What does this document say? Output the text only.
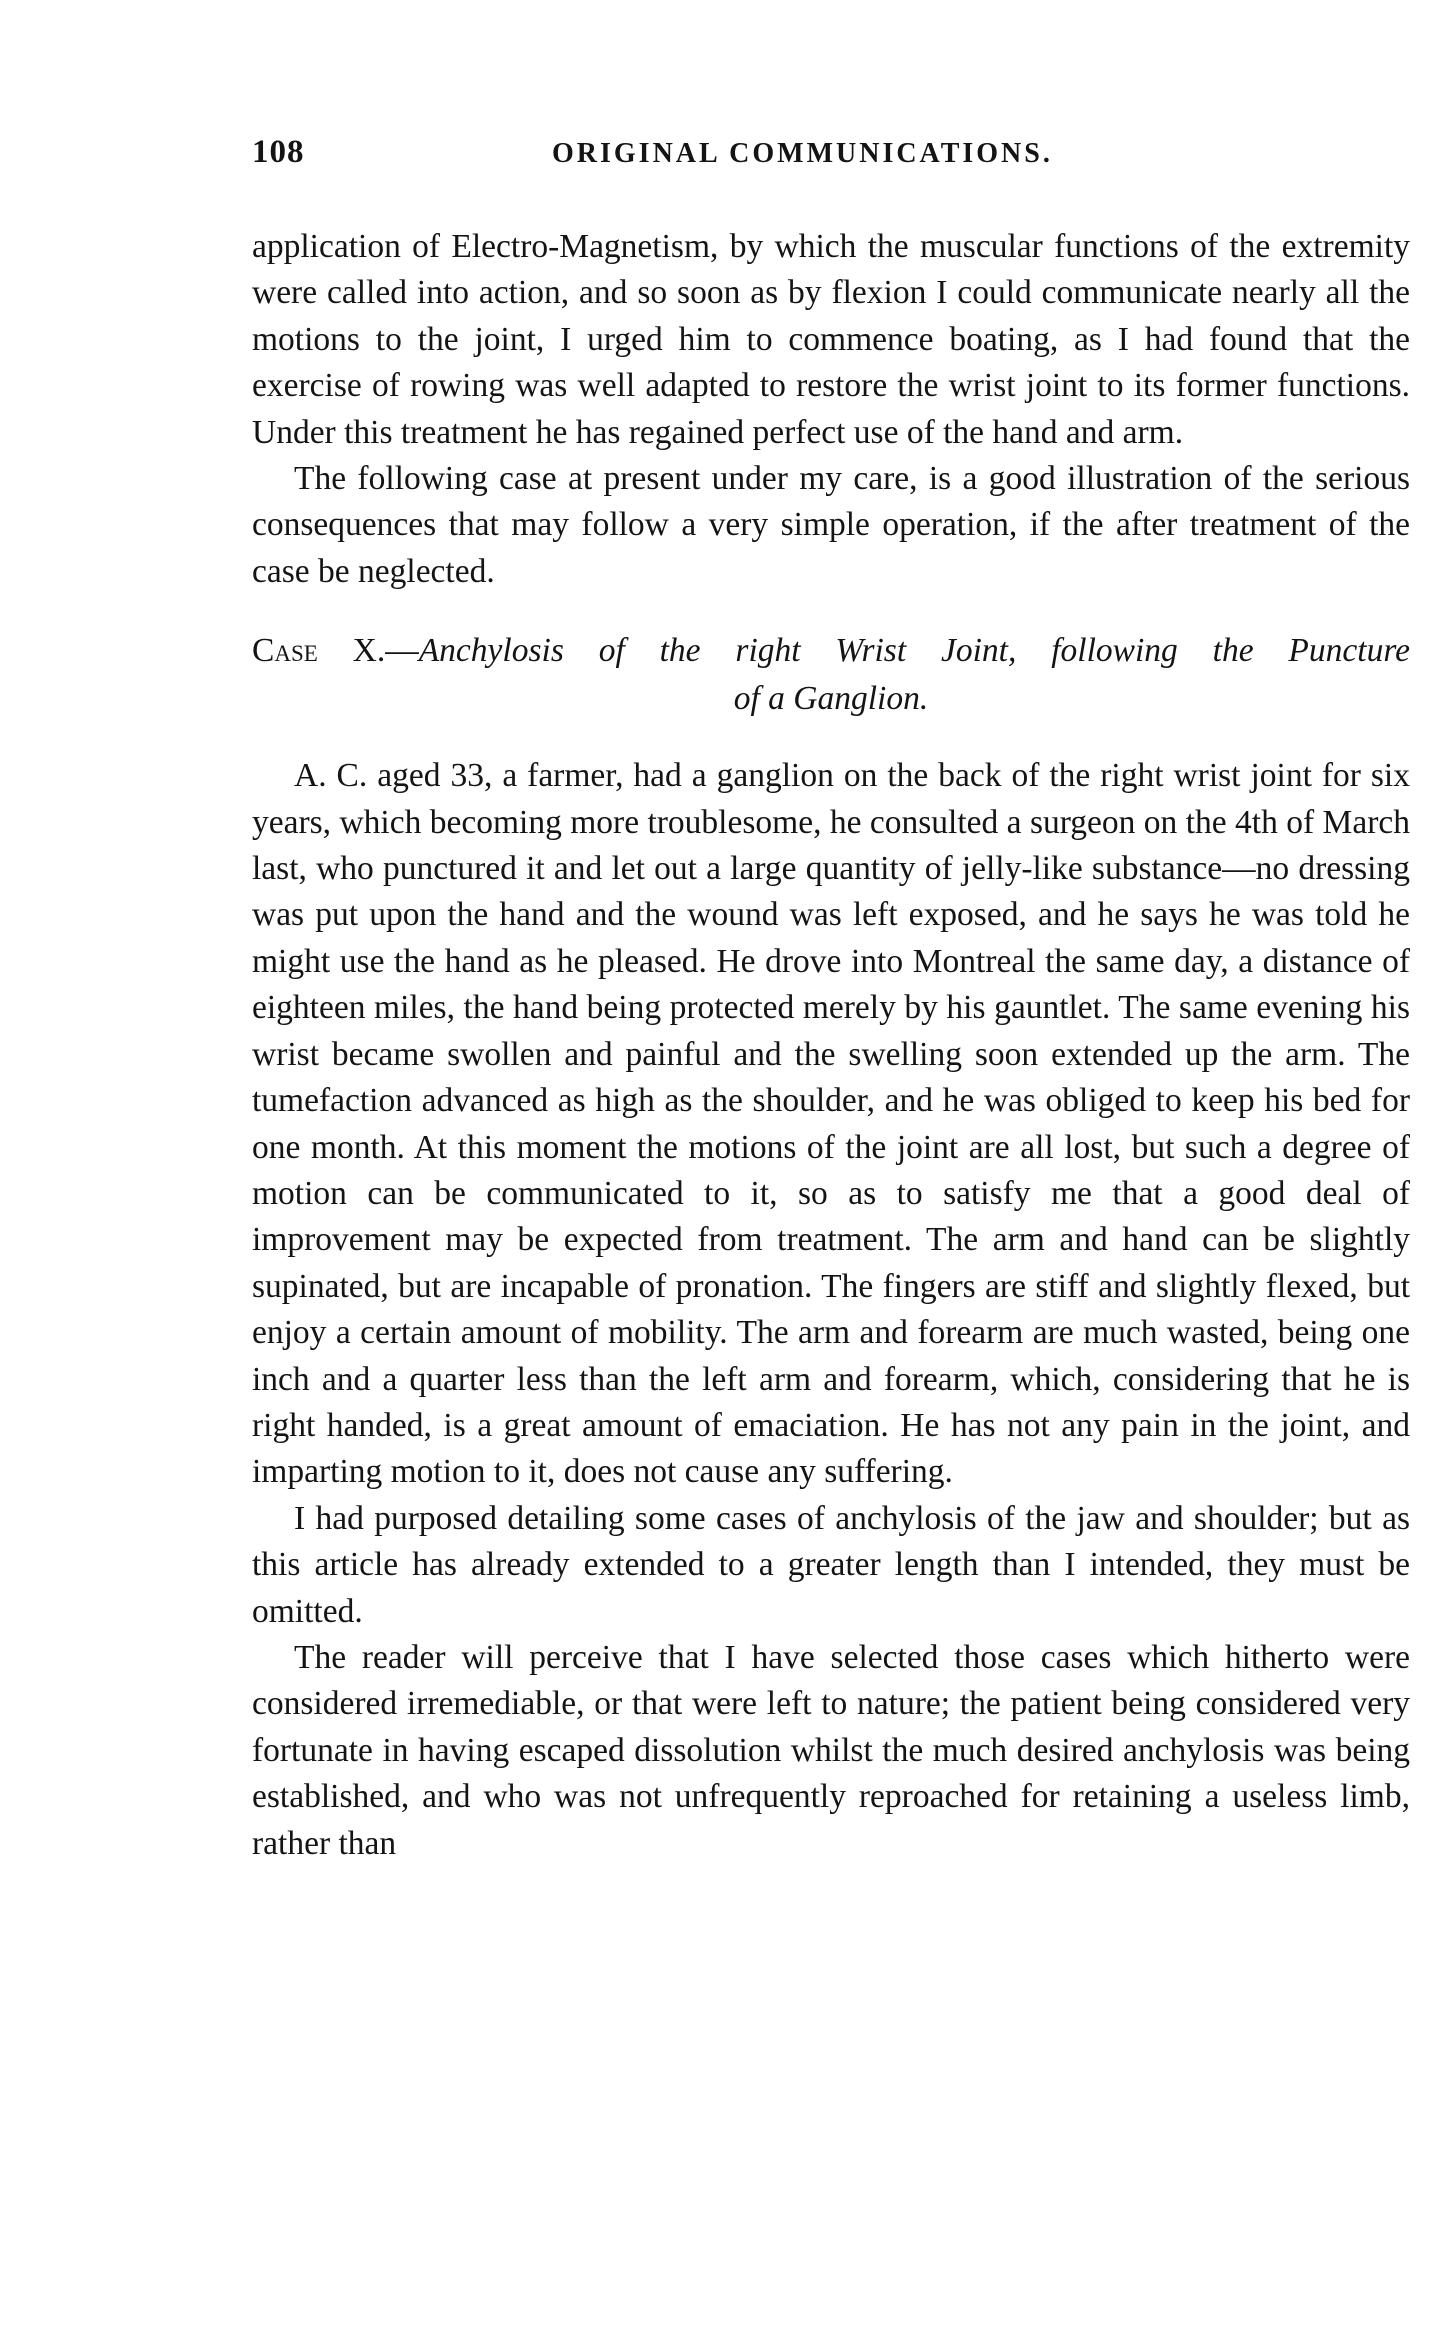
108	ORIGINAL COMMUNICATIONS.

application of Electro-Magnetism, by which the muscular functions of the extremity were called into action, and so soon as by flexion I could communicate nearly all the motions to the joint, I urged him to commence boating, as I had found that the exercise of rowing was well adapted to restore the wrist joint to its former functions. Under this treatment he has regained perfect use of the hand and arm.

The following case at present under my care, is a good illustration of the serious consequences that may follow a very simple operation, if the after treatment of the case be neglected.

Case X.—Anchylosis of the right Wrist Joint, following the Puncture
of a Ganglion.

A. C. aged 33, a farmer, had a ganglion on the back of the right wrist joint for six years, which becoming more troublesome, he consulted a surgeon on the 4th of March last, who punctured it and let out a large quantity of jelly-like substance—no dressing was put upon the hand and the wound was left exposed, and he says he was told he might use the hand as he pleased. He drove into Montreal the same day, a distance of eighteen miles, the hand being protected merely by his gauntlet. The same evening his wrist became swollen and painful and the swelling soon extended up the arm. The tumefaction advanced as high as the shoulder, and he was obliged to keep his bed for one month. At this moment the motions of the joint are all lost, but such a degree of motion can be communicated to it, so as to satisfy me that a good deal of improvement may be expected from treatment. The arm and hand can be slightly supinated, but are incapable of pronation. The fingers are stiff and slightly flexed, but enjoy a certain amount of mobility. The arm and forearm are much wasted, being one inch and a quarter less than the left arm and forearm, which, considering that he is right handed, is a great amount of emaciation. He has not any pain in the joint, and imparting motion to it, does not cause any suffering.

I had purposed detailing some cases of anchylosis of the jaw and shoulder; but as this article has already extended to a greater length than I intended, they must be omitted.

The reader will perceive that I have selected those cases which hitherto were considered irremediable, or that were left to nature; the patient being considered very fortunate in having escaped dissolution whilst the much desired anchylosis was being established, and who was not unfrequently reproached for retaining a useless limb, rather than
